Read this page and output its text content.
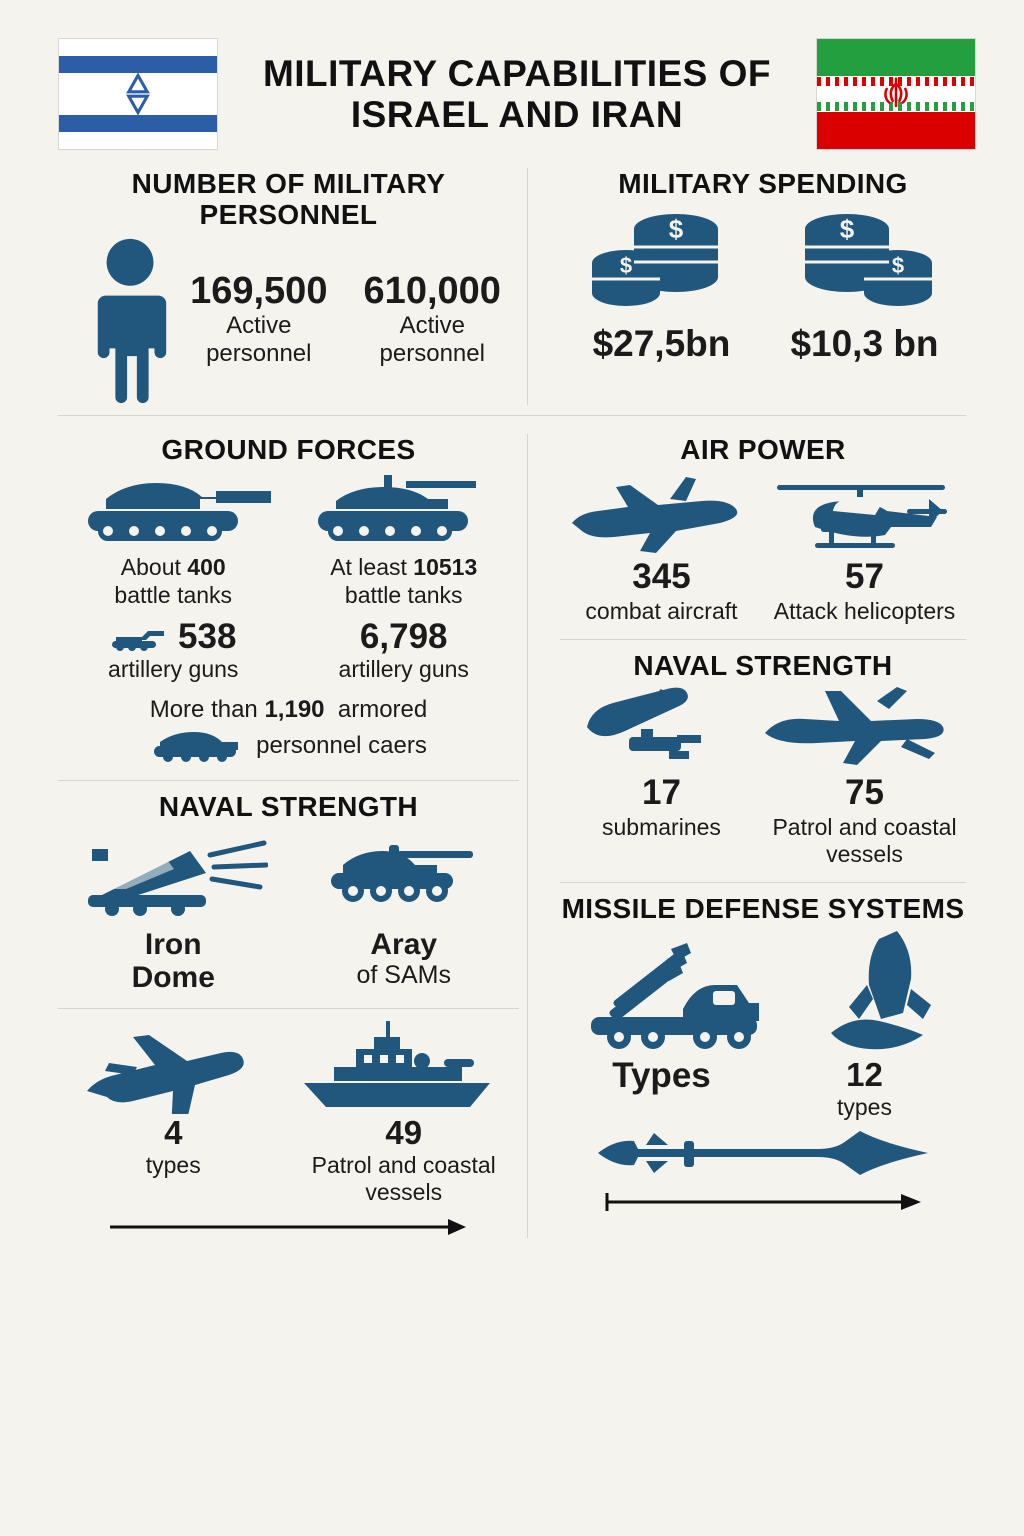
MILITARY CAPABILITIES OF ISRAEL AND IRAN
NUMBER OF MILITARY PERSONNEL
169,500
Active personnel
610,000
Active personnel
MILITARY SPENDING
$
$
$27,5bn
$
$
$10,3 bn
GROUND FORCES
About 400
battle tanks
At least 10513
battle tanks
538
artillery guns
6,798
artillery guns
More than 1,190 armored
personnel caers
NAVAL STRENGTH
Iron
Dome
Aray
of SAMs
4
types
49
Patrol and coastal vessels
AIR POWER
345
combat aircraft
57
Attack helicopters
NAVAL STRENGTH
17
submarines
75
Patrol and coastal vessels
MISSILE DEFENSE SYSTEMS
Types	12
types
